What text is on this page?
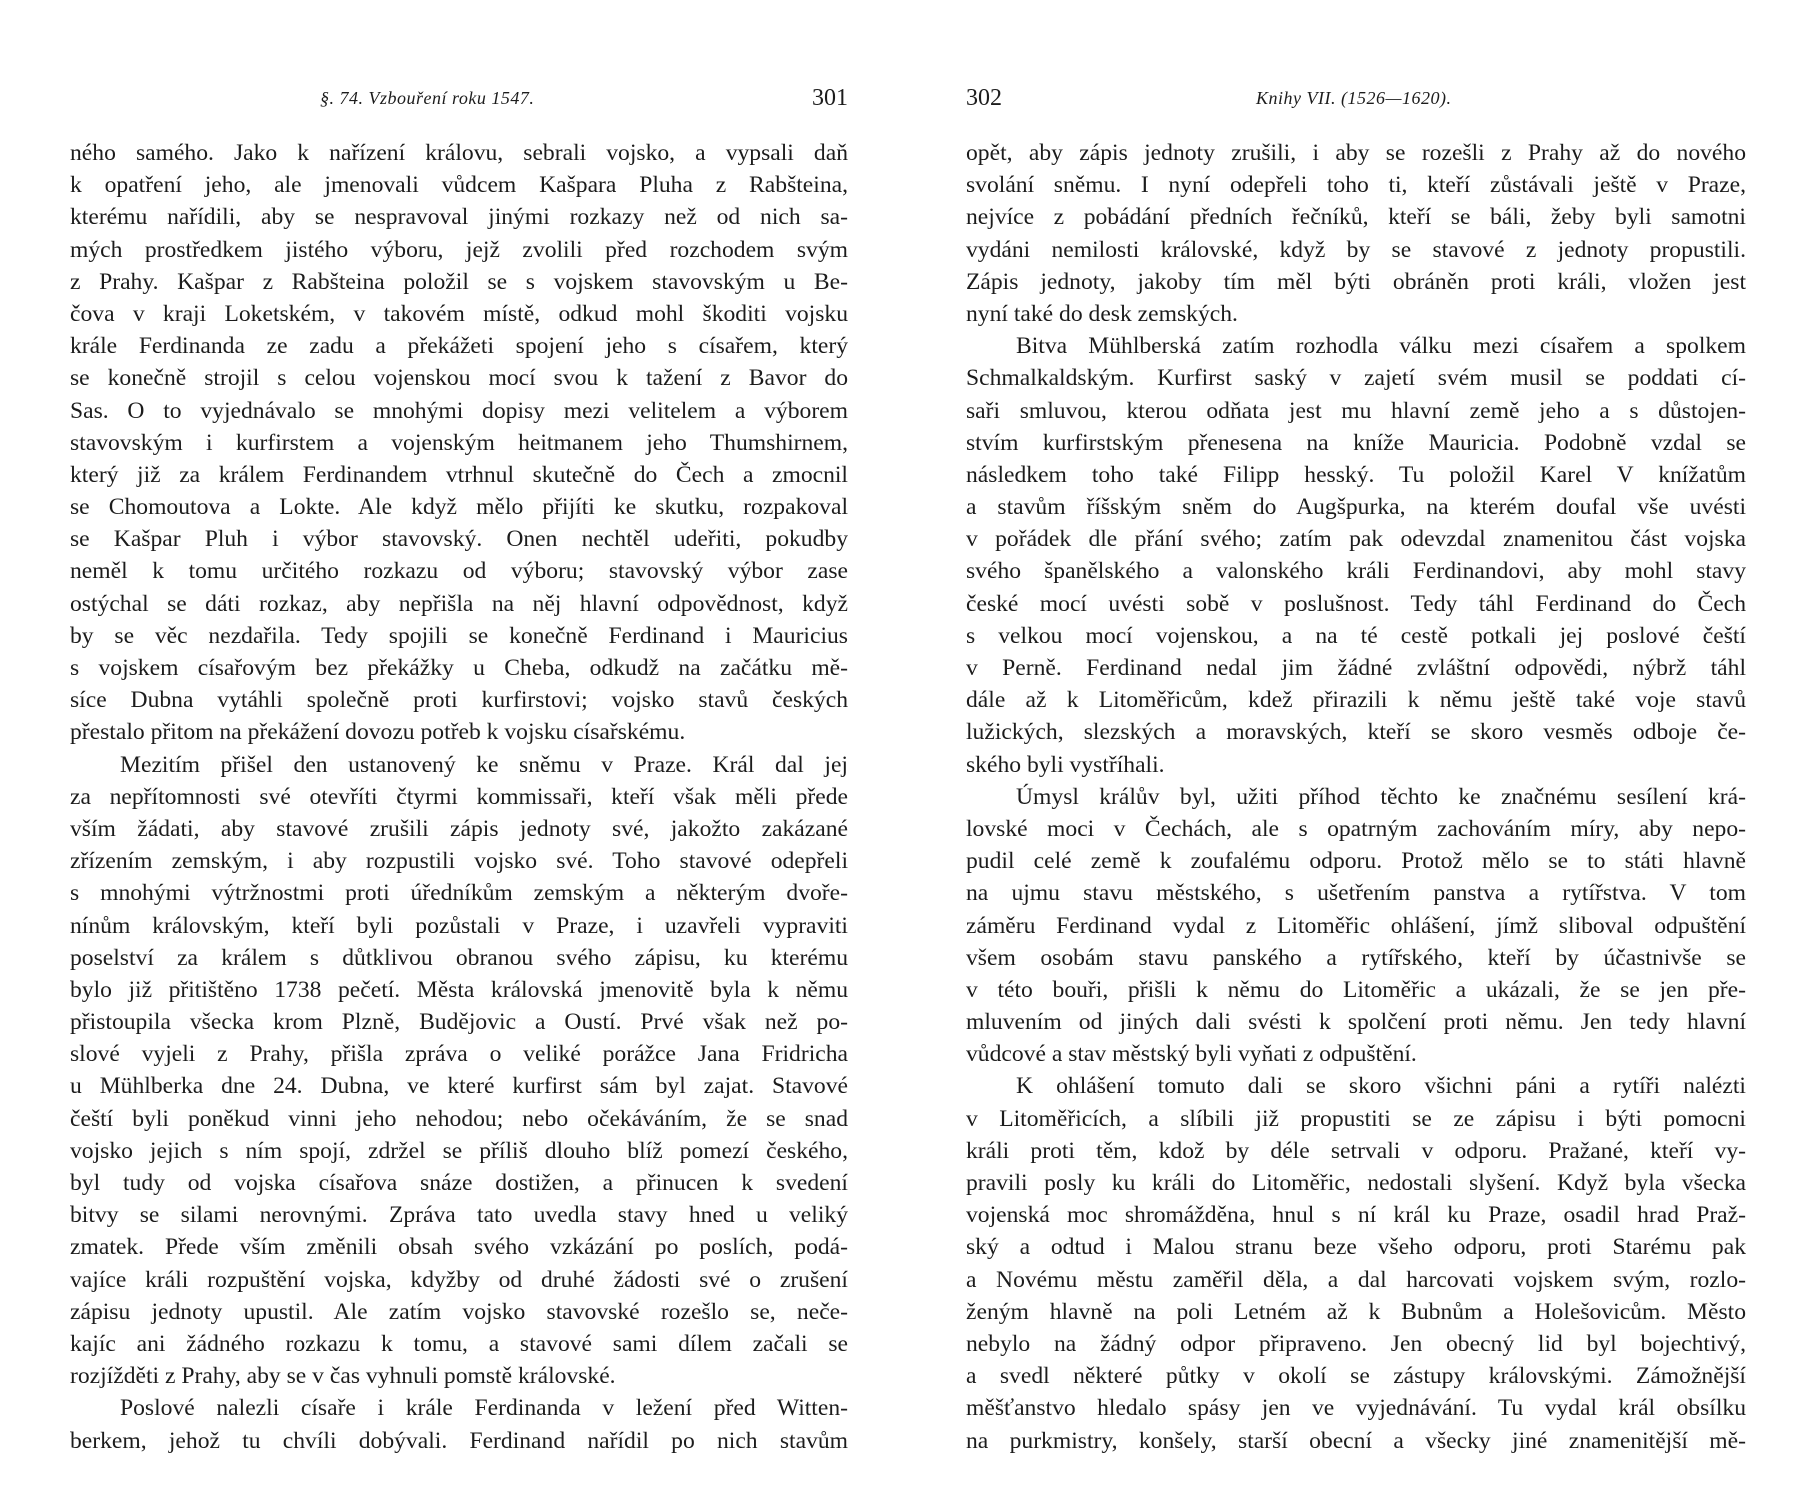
§. 74. Vzbouření roku 1547.	301
ného samého. Jako k nařízení královu, sebrali vojsko, a vypsali daň
k opatření jeho, ale jmenovali vůdcem Kašpara Pluha z Rabšteina,
kterému nařídili, aby se nespravoval jinými rozkazy než od nich sa-
mých prostředkem jistého výboru, jejž zvolili před rozchodem svým
z Prahy. Kašpar z Rabšteina položil se s vojskem stavovským u Be-
čova v kraji Loketském, v takovém místě, odkud mohl škoditi vojsku
krále Ferdinanda ze zadu a překážeti spojení jeho s císařem, který
se konečně strojil s celou vojenskou mocí svou k tažení z Bavor do
Sas. O to vyjednávalo se mnohými dopisy mezi velitelem a výborem
stavovským i kurfirstem a vojenským heitmanem jeho Thumshirnem,
který již za králem Ferdinandem vtrhnul skutečně do Čech a zmocnil
se Chomoutova a Lokte. Ale když mělo přijíti ke skutku, rozpakoval
se Kašpar Pluh i výbor stavovský. Onen nechtěl udeřiti, pokudby
neměl k tomu určitého rozkazu od výboru; stavovský výbor zase
ostýchal se dáti rozkaz, aby nepřišla na něj hlavní odpovědnost, když
by se věc nezdařila. Tedy spojili se konečně Ferdinand i Mauricius
s vojskem císařovým bez překážky u Cheba, odkudž na začátku mě-
síce Dubna vytáhli společně proti kurfirstovi; vojsko stavů českých
přestalo přitom na překážení dovozu potřeb k vojsku císařskému.
Mezitím přišel den ustanovený ke sněmu v Praze. Král dal jej
za nepřítomnosti své otevříti čtyrmi kommissaři, kteří však měli přede
vším žádati, aby stavové zrušili zápis jednoty své, jakožto zakázané
zřízením zemským, i aby rozpustili vojsko své. Toho stavové odepřeli
s mnohými výtržnostmi proti úředníkům zemským a některým dvoře-
nínům královským, kteří byli pozůstali v Praze, i uzavřeli vypraviti
poselství za králem s důtklivou obranou svého zápisu, ku kterému
bylo již přitištěno 1738 pečetí. Města královská jmenovitě byla k němu
přistoupila všecka krom Plzně, Budějovic a Oustí. Prvé však než po-
slové vyjeli z Prahy, přišla zpráva o veliké porážce Jana Fridricha
u Mühlberka dne 24. Dubna, ve které kurfirst sám byl zajat. Stavové
čeští byli poněkud vinni jeho nehodou; nebo očekáváním, že se snad
vojsko jejich s ním spojí, zdržel se příliš dlouho blíž pomezí českého,
byl tudy od vojska císařova snáze dostižen, a přinucen k svedení
bitvy se silami nerovnými. Zpráva tato uvedla stavy hned u veliký
zmatek. Přede vším změnili obsah svého vzkázání po poslích, podá-
vajíce králi rozpuštění vojska, kdyžby od druhé žádosti své o zrušení
zápisu jednoty upustil. Ale zatím vojsko stavovské rozešlo se, neče-
kajíc ani žádného rozkazu k tomu, a stavové sami dílem začali se
rozjížděti z Prahy, aby se v čas vyhnuli pomstě královské.
Poslové nalezli císaře i krále Ferdinanda v ležení před Witten-
berkem, jehož tu chvíli dobývali. Ferdinand nařídil po nich stavům
302	Knihy VII. (1526—1620).
opět, aby zápis jednoty zrušili, i aby se rozešli z Prahy až do nového
svolání sněmu. I nyní odepřeli toho ti, kteří zůstávali ještě v Praze,
nejvíce z pobádání předních řečníků, kteří se báli, žeby byli samotni
vydáni nemilosti královské, když by se stavové z jednoty propustili.
Zápis jednoty, jakoby tím měl býti obráněn proti králi, vložen jest
nyní také do desk zemských.
Bitva Mühlberská zatím rozhodla válku mezi císařem a spolkem
Schmalkaldským. Kurfirst saský v zajetí svém musil se poddati cí-
saři smluvou, kterou odňata jest mu hlavní země jeho a s důstojen-
stvím kurfirstským přenesena na kníže Mauricia. Podobně vzdal se
následkem toho také Filipp hesský. Tu položil Karel V knížatům
a stavům říšským sněm do Augšpurka, na kterém doufal vše uvésti
v pořádek dle přání svého; zatím pak odevzdal znamenitou část vojska
svého španělského a valonského králi Ferdinandovi, aby mohl stavy
české mocí uvésti sobě v poslušnost. Tedy táhl Ferdinand do Čech
s velkou mocí vojenskou, a na té cestě potkali jej poslové čeští
v Perně. Ferdinand nedal jim žádné zvláštní odpovědi, nýbrž táhl
dále až k Litoměřicům, kdež přirazili k němu ještě také voje stavů
lužických, slezských a moravských, kteří se skoro vesměs odboje če-
ského byli vystříhali.
Úmysl králův byl, užiti příhod těchto ke značnému sesílení krá-
lovské moci v Čechách, ale s opatrným zachováním míry, aby nepo-
pudil celé země k zoufalému odporu. Protož mělo se to státi hlavně
na ujmu stavu městského, s ušetřením panstva a rytířstva. V tom
záměru Ferdinand vydal z Litoměřic ohlášení, jímž sliboval odpuštění
všem osobám stavu panského a rytířského, kteří by účastnivše se
v této bouři, přišli k němu do Litoměřic a ukázali, že se jen pře-
mluvením od jiných dali svésti k spolčení proti němu. Jen tedy hlavní
vůdcové a stav městský byli vyňati z odpuštění.
K ohlášení tomuto dali se skoro všichni páni a rytíři nalézti
v Litoměřicích, a slíbili již propustiti se ze zápisu i býti pomocni
králi proti těm, kdož by déle setrvali v odporu. Pražané, kteří vy-
pravili posly ku králi do Litoměřic, nedostali slyšení. Když byla všecka
vojenská moc shromážděna, hnul s ní král ku Praze, osadil hrad Praž-
ský a odtud i Malou stranu beze všeho odporu, proti Starému pak
a Novému městu zaměřil děla, a dal harcovati vojskem svým, rozlo-
ženým hlavně na poli Letném až k Bubnům a Holešovicům. Město
nebylo na žádný odpor připraveno. Jen obecný lid byl bojechtivý,
a svedl některé půtky v okolí se zástupy královskými. Zámožnější
měšťanstvo hledalo spásy jen ve vyjednávání. Tu vydal král obsílku
na purkmistry, konšely, starší obecní a všecky jiné znamenitější mě-
